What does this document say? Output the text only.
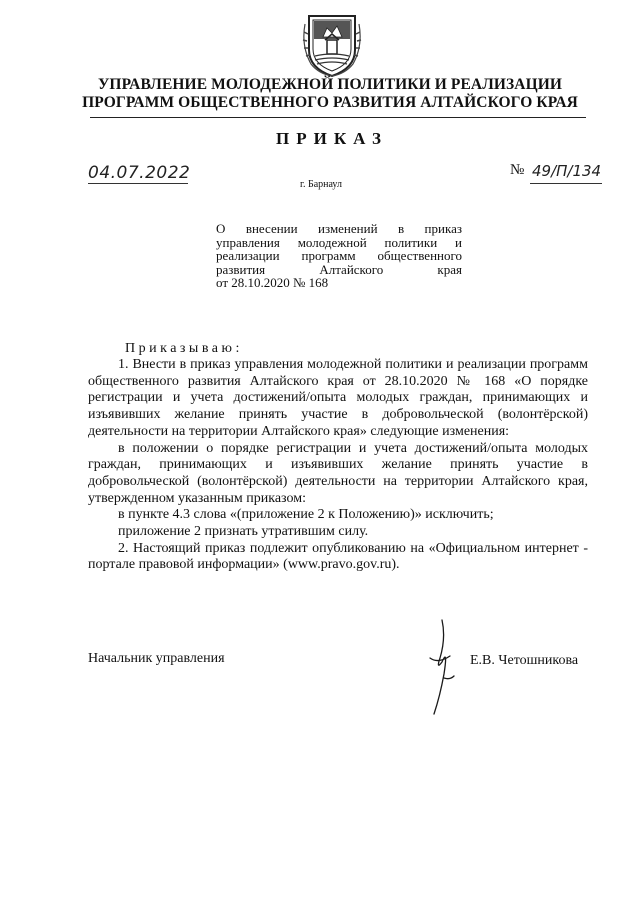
УПРАВЛЕНИЕ МОЛОДЕЖНОЙ ПОЛИТИКИ И РЕАЛИЗАЦИИ
ПРОГРАММ ОБЩЕСТВЕННОГО РАЗВИТИЯ АЛТАЙСКОГО КРАЯ
ПРИКАЗ
04.07.2022	№ 49/П/134
г. Барнаул
О внесении изменений в приказ
управления молодежной политики и
реализации программ общественного
развития Алтайского края
от 28.10.2020 № 168
Приказываю:

1. Внести в приказ управления молодежной политики и реализации программ общественного развития Алтайского края от 28.10.2020 № 168 «О порядке регистрации и учета достижений/опыта молодых граждан, принимающих и изъявивших желание принять участие в добровольческой (волонтёрской) деятельности на территории Алтайского края» следующие изменения:

в положении о порядке регистрации и учета достижений/опыта молодых граждан, принимающих и изъявивших желание принять участие в добровольческой (волонтёрской) деятельности на территории Алтайского края, утвержденном указанным приказом:

в пункте 4.3 слова «(приложение 2 к Положению)» исключить;

приложение 2 признать утратившим силу.

2. Настоящий приказ подлежит опубликованию на «Официальном интернет - портале правовой информации» (www.pravo.gov.ru).

Начальник управления	Е.В. Четошникова
